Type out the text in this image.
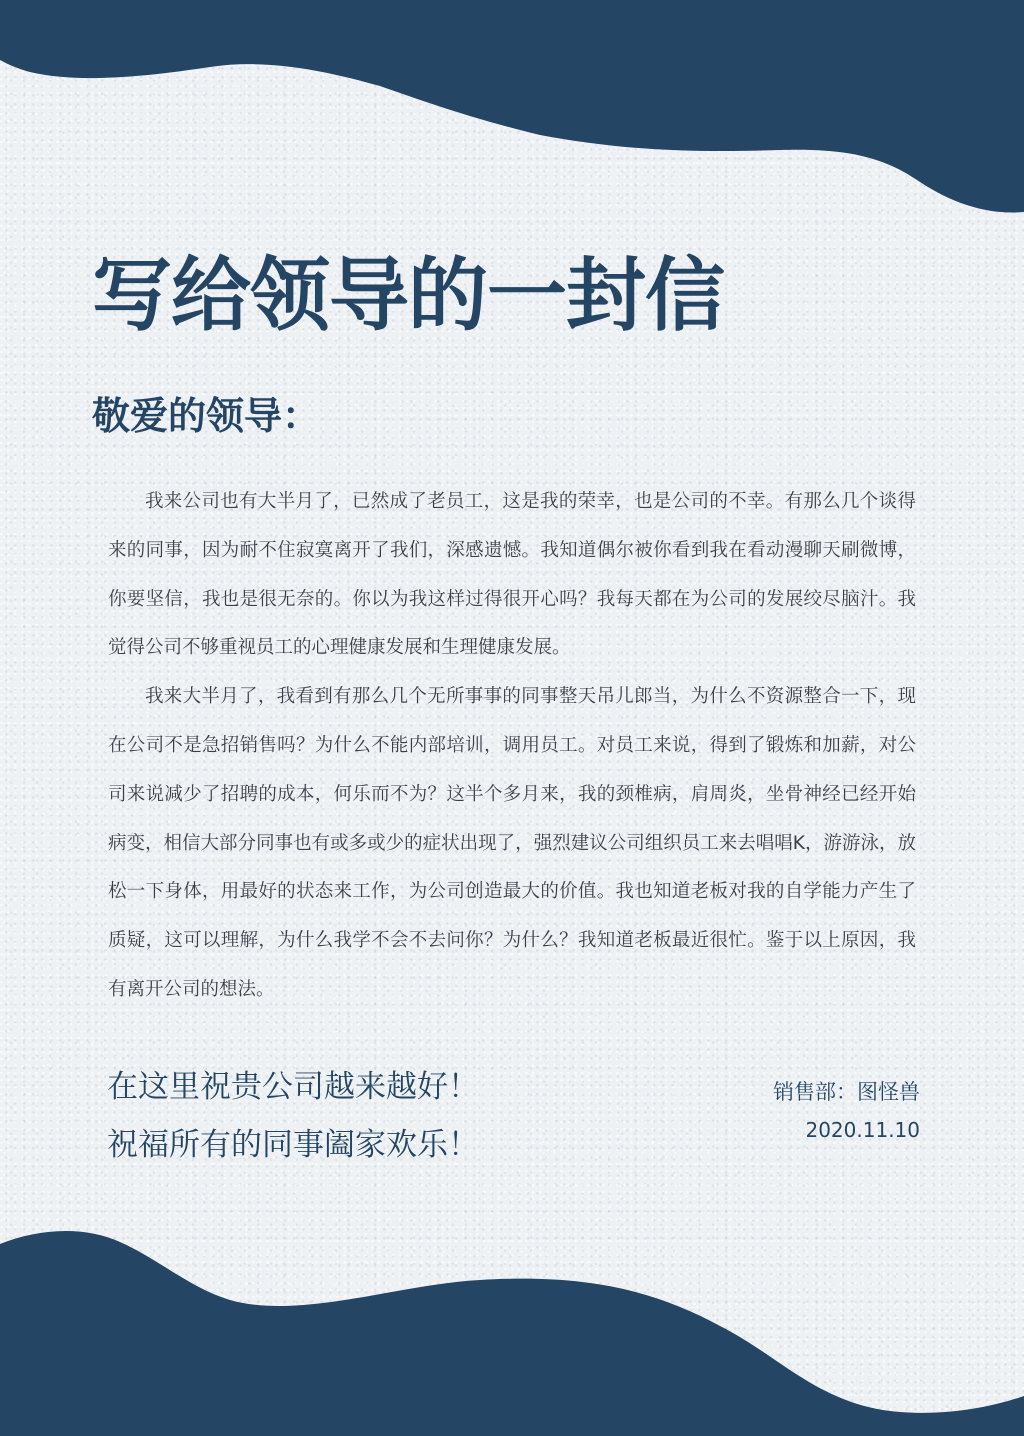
写给领导的一封信
敬爱的领导：

我来公司也有大半月了，已然成了老员工，这是我的荣幸，也是公司的不幸。有那么几个谈得来的同事，因为耐不住寂寞离开了我们，深感遗憾。我知道偶尔被你看到我在看动漫聊天刷微博，你要坚信，我也是很无奈的。你以为我这样过得很开心吗？我每天都在为公司的发展绞尽脑汁。我觉得公司不够重视员工的心理健康发展和生理健康发展。

我来大半月了，我看到有那么几个无所事事的同事整天吊儿郎当，为什么不资源整合一下，现在公司不是急招销售吗？为什么不能内部培训，调用员工。对员工来说，得到了锻炼和加薪，对公司来说减少了招聘的成本，何乐而不为？这半个多月来，我的颈椎病，肩周炎，坐骨神经已经开始病变，相信大部分同事也有或多或少的症状出现了，强烈建议公司组织员工来去唱唱K，游游泳，放松一下身体，用最好的状态来工作，为公司创造最大的价值。我也知道老板对我的自学能力产生了质疑，这可以理解，为什么我学不会不去问你？为什么？我知道老板最近很忙。鉴于以上原因，我有离开公司的想法。

在这里祝贵公司越来越好！
祝福所有的同事阖家欢乐！
销售部：图怪兽
2020.11.10
